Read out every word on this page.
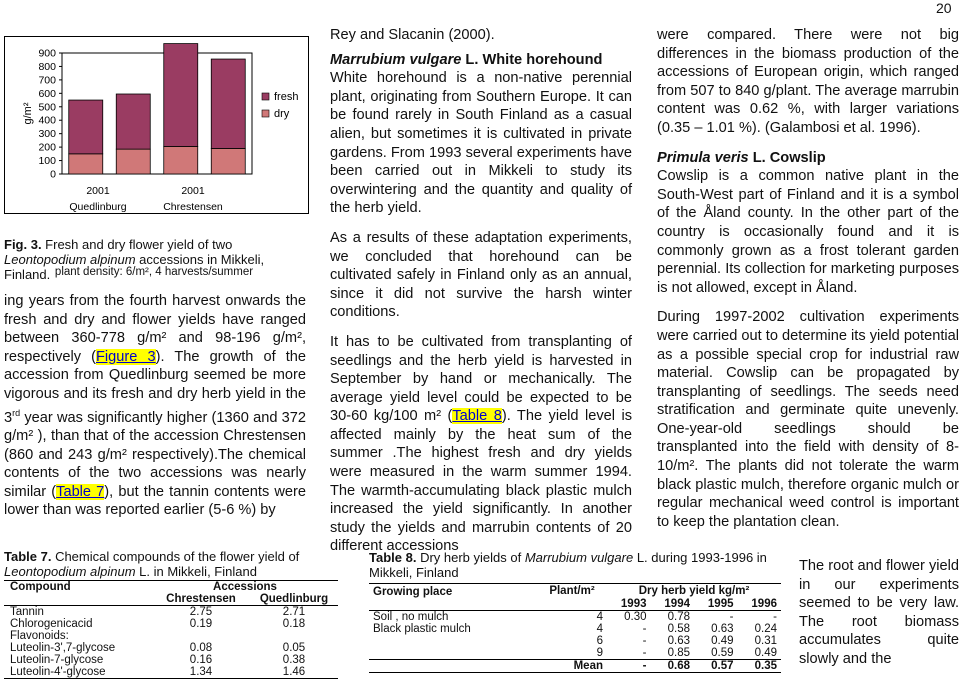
20
0
100
200
300
400
500
600
700
800
900
g/m²
2001
Quedlinburg
2001
Chrestensen
fresh
dry
Fig. 3. Fresh and dry flower yield of two Leontopodium alpinum accessions in Mikkeli, Finland. plant density: 6/m², 4 harvests/summer

ing years from the fourth harvest onwards the fresh and dry and flower yields have ranged between 360-778 g/m² and 98-196 g/m², respectively (Figure 3). The growth of the accession from Quedlinburg seemed be more vigorous and its fresh and dry herb yield in the 3rd year was significantly higher (1360 and 372 g/m² ), than that of the accession Chrestensen (860 and 243 g/m² respectively).The chemical contents of the two accessions was nearly similar (Table 7), but the tannin contents were lower than was reported earlier (5-6 %) by

Table 7. Chemical compounds of the flower yield of Leontopodium alpinum L. in Mikkeli, Finland
Compound	Accessions	
	Chrestensen	Quedlinburg
Tannin	2.75	2.71
Chlorogenicacid	0.19	0.18
Flavonoids:		
Luteolin-3',7-glycose	0.08	0.05
Luteolin-7-glycose	0.16	0.38
Luteolin-4'-glycose	1.34	1.46

Rey and Slacanin (2000).

Marrubium vulgare L. White horehound

White horehound is a non-native perennial plant, originating from Southern Europe. It can be found rarely in South Finland as a casual alien, but sometimes it is cultivated in private gardens. From 1993 several experiments have been carried out in Mikkeli to study its overwintering and the quantity and quality of the herb yield.

As a results of these adaptation experiments, we concluded that horehound can be cultivated safely in Finland only as an annual, since it did not survive the harsh winter conditions.

It has to be cultivated from transplanting of seedlings and the herb yield is harvested in September by hand or mechanically. The average yield level could be expected to be 30-60 kg/100 m² (Table 8). The yield level is affected mainly by the heat sum of the summer .The highest fresh and dry yields were measured in the warm summer 1994. The warmth-accumulating black plastic mulch increased the yield significantly. In another study the yields and marrubin contents of 20 different accessions

Table 8. Dry herb yields of Marrubium vulgare L. during 1993-1996 in Mikkeli, Finland
Growing place	Plant/m²	Dry herb yield kg/m²			
		1993	1994	1995	1996
Soil , no mulch	4	0.30	0.78	-	-
Black plastic mulch	4	-	0.58	0.63	0.24
	6	-	0.63	0.49	0.31
	9	-	0.85	0.59	0.49
	Mean	-	0.68	0.57	0.35

were compared. There were not big differences in the biomass production of the accessions of European origin, which ranged from 507 to 840 g/plant. The average marrubin content was 0.62 %, with larger variations (0.35 – 1.01 %). (Galambosi et al. 1996).

Primula veris L. Cowslip

Cowslip is a common native plant in the South-West part of Finland and it is a symbol of the Åland county. In the other part of the country is occasionally found and it is commonly grown as a frost tolerant garden perennial. Its collection for marketing purposes is not allowed, except in Åland.

During 1997-2002 cultivation experiments were carried out to determine its yield potential as a possible special crop for industrial raw material. Cowslip can be propagated by transplanting of seedlings. The seeds need stratification and germinate quite unevenly. One-year-old seedlings should be transplanted into the field with density of 8-10/m². The plants did not tolerate the warm black plastic mulch, therefore organic mulch or regular mechanical weed control is important to keep the plantation clean.

The root and flower yield in our experiments seemed to be very law. The root biomass accumulates quite slowly and the
